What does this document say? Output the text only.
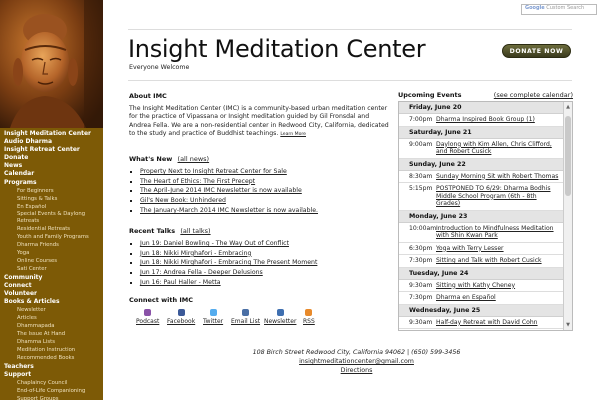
Insight Meditation Center
Audio Dharma
Insight Retreat Center
Donate
News
Calendar
Programs
For Beginners
Sittings & Talks
En Español
Special Events & Daylong Retreats
Residential Retreats
Youth and Family Programs
Dharma Friends
Yoga
Online Courses
Sati Center
Community
Connect
Volunteer
Books & Articles
Newsletter
Articles
Dhammapada
The Issue At Hand
Dhamma Lists
Meditation Instruction
Recommended Books
Teachers
Support
Chaplaincy Council
End-of-Life Companioning
Support Groups
Google Custom Search
Insight Meditation Center
Everyone Welcome
DONATE NOW
About IMC
The Insight Meditation Center (IMC) is a community-based urban meditation center for the practice of Vipassana or Insight meditation guided by Gil Fronsdal and Andrea Fella. We are a non-residential center in Redwood City, California, dedicated to the study and practice of Buddhist teachings. Learn More
What's New (all news)
▪ Property Next to Insight Retreat Center for Sale
▪ The Heart of Ethics: The First Precept
▪ The April-June 2014 IMC Newsletter is now available
▪ Gil's New Book: Unhindered
▪ The January-March 2014 IMC Newsletter is now available.
Recent Talks (all talks)
▪ Jun 19: Daniel Bowling - The Way Out of Conflict
▪ Jun 18: Nikki Mirghafori - Embracing
▪ Jun 18: Nikki Mirghafori - Embracing The Present Moment
▪ Jun 17: Andrea Fella - Deeper Delusions
▪ Jun 16: Paul Haller - Metta
Connect with IMC
Podcast Facebook Twitter Email List Newsletter RSS
108 Birch Street Redwood City, California 94062 | (650) 599-3456
insightmeditationcenter@gmail.com
Directions
Upcoming Events	(see complete calendar)
Friday, June 20
7:00pm Dharma Inspired Book Group (1)
Saturday, June 21
9:00am Daylong with Kim Allen, Chris Clifford, and Robert Cusick
Sunday, June 22
8:30am Sunday Morning Sit with Robert Thomas
5:15pm POSTPONED TO 6/29: Dharma Bodhis Middle School Program (6th - 8th Grades)
Monday, June 23
10:00am Introduction to Mindfulness Meditation with Shin Kwan Park
6:30pm Yoga with Terry Lesser
7:30pm Sitting and Talk with Robert Cusick
Tuesday, June 24
9:30am Sitting with Kathy Cheney
7:30pm Dharma en Español
Wednesday, June 25
9:30am Half-day Retreat with David Cohn
▲
▼
